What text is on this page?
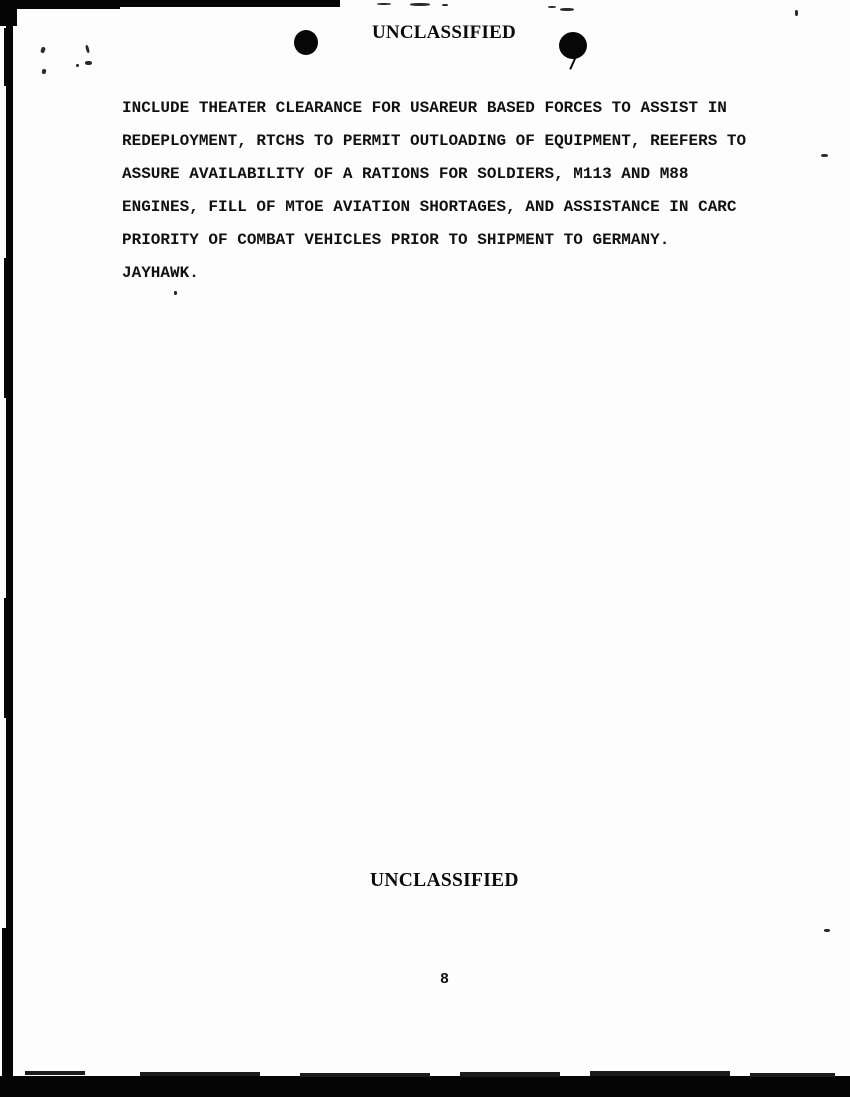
UNCLASSIFIED
INCLUDE THEATER CLEARANCE FOR USAREUR BASED FORCES TO ASSIST IN
REDEPLOYMENT, RTCHS TO PERMIT OUTLOADING OF EQUIPMENT, REEFERS TO
ASSURE AVAILABILITY OF A RATIONS FOR SOLDIERS, M113 AND M88
ENGINES, FILL OF MTOE AVIATION SHORTAGES, AND ASSISTANCE IN CARC
PRIORITY OF COMBAT VEHICLES PRIOR TO SHIPMENT TO GERMANY.
JAYHAWK.
UNCLASSIFIED
8
